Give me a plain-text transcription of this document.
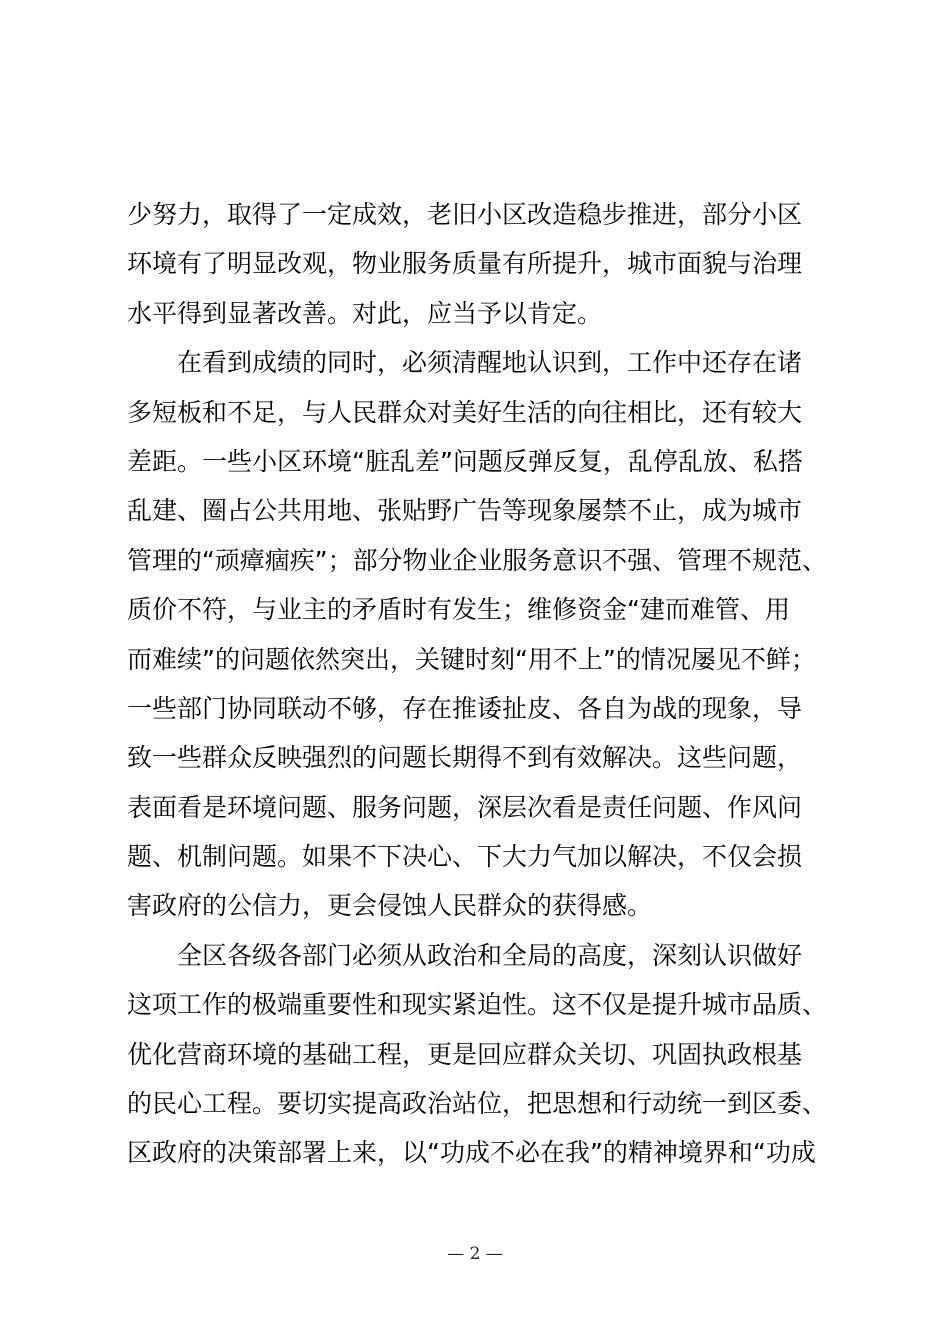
少努力，取得了一定成效，老旧小区改造稳步推进，部分小区
环境有了明显改观，物业服务质量有所提升，城市面貌与治理
水平得到显著改善。对此，应当予以肯定。
　　在看到成绩的同时，必须清醒地认识到，工作中还存在诸
多短板和不足，与人民群众对美好生活的向往相比，还有较大
差距。一些小区环境“脏乱差”问题反弹反复，乱停乱放、私搭
乱建、圈占公共用地、张贴野广告等现象屡禁不止，成为城市
管理的“顽瘴痼疾”；部分物业企业服务意识不强、管理不规范、
质价不符，与业主的矛盾时有发生；维修资金“建而难管、用
而难续”的问题依然突出，关键时刻“用不上”的情况屡见不鲜；
一些部门协同联动不够，存在推诿扯皮、各自为战的现象，导
致一些群众反映强烈的问题长期得不到有效解决。这些问题，
表面看是环境问题、服务问题，深层次看是责任问题、作风问
题、机制问题。如果不下决心、下大力气加以解决，不仅会损
害政府的公信力，更会侵蚀人民群众的获得感。
　　全区各级各部门必须从政治和全局的高度，深刻认识做好
这项工作的极端重要性和现实紧迫性。这不仅是提升城市品质、
优化营商环境的基础工程，更是回应群众关切、巩固执政根基
的民心工程。要切实提高政治站位，把思想和行动统一到区委、
区政府的决策部署上来，以“功成不必在我”的精神境界和“功成
— 2 —
